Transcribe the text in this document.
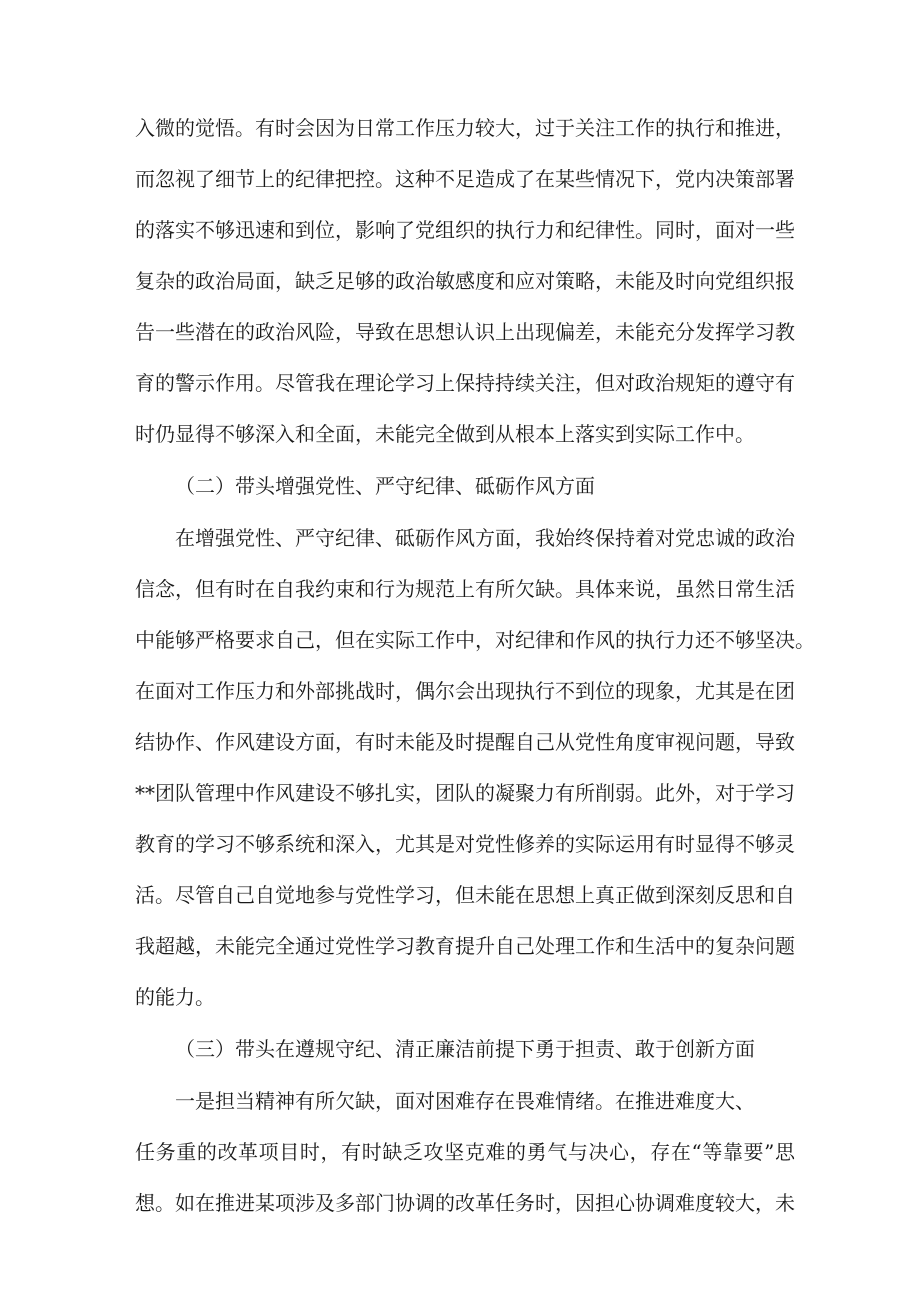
入微的觉悟。有时会因为日常工作压力较大，过于关注工作的执行和推进，
而忽视了细节上的纪律把控。这种不足造成了在某些情况下，党内决策部署
的落实不够迅速和到位，影响了党组织的执行力和纪律性。同时，面对一些
复杂的政治局面，缺乏足够的政治敏感度和应对策略，未能及时向党组织报
告一些潜在的政治风险，导致在思想认识上出现偏差，未能充分发挥学习教
育的警示作用。尽管我在理论学习上保持持续关注，但对政治规矩的遵守有
时仍显得不够深入和全面，未能完全做到从根本上落实到实际工作中。
（二）带头增强党性、严守纪律、砥砺作风方面
在增强党性、严守纪律、砥砺作风方面，我始终保持着对党忠诚的政治
信念，但有时在自我约束和行为规范上有所欠缺。具体来说，虽然日常生活
中能够严格要求自己，但在实际工作中，对纪律和作风的执行力还不够坚决。
在面对工作压力和外部挑战时，偶尔会出现执行不到位的现象，尤其是在团
结协作、作风建设方面，有时未能及时提醒自己从党性角度审视问题，导致
**团队管理中作风建设不够扎实，团队的凝聚力有所削弱。此外，对于学习
教育的学习不够系统和深入，尤其是对党性修养的实际运用有时显得不够灵
活。尽管自己自觉地参与党性学习，但未能在思想上真正做到深刻反思和自
我超越，未能完全通过党性学习教育提升自己处理工作和生活中的复杂问题
的能力。
（三）带头在遵规守纪、清正廉洁前提下勇于担责、敢于创新方面
一是担当精神有所欠缺，面对困难存在畏难情绪。在推进难度大、
任务重的改革项目时，有时缺乏攻坚克难的勇气与决心，存在“等靠要”思
想。如在推进某项涉及多部门协调的改革任务时，因担心协调难度较大，未
